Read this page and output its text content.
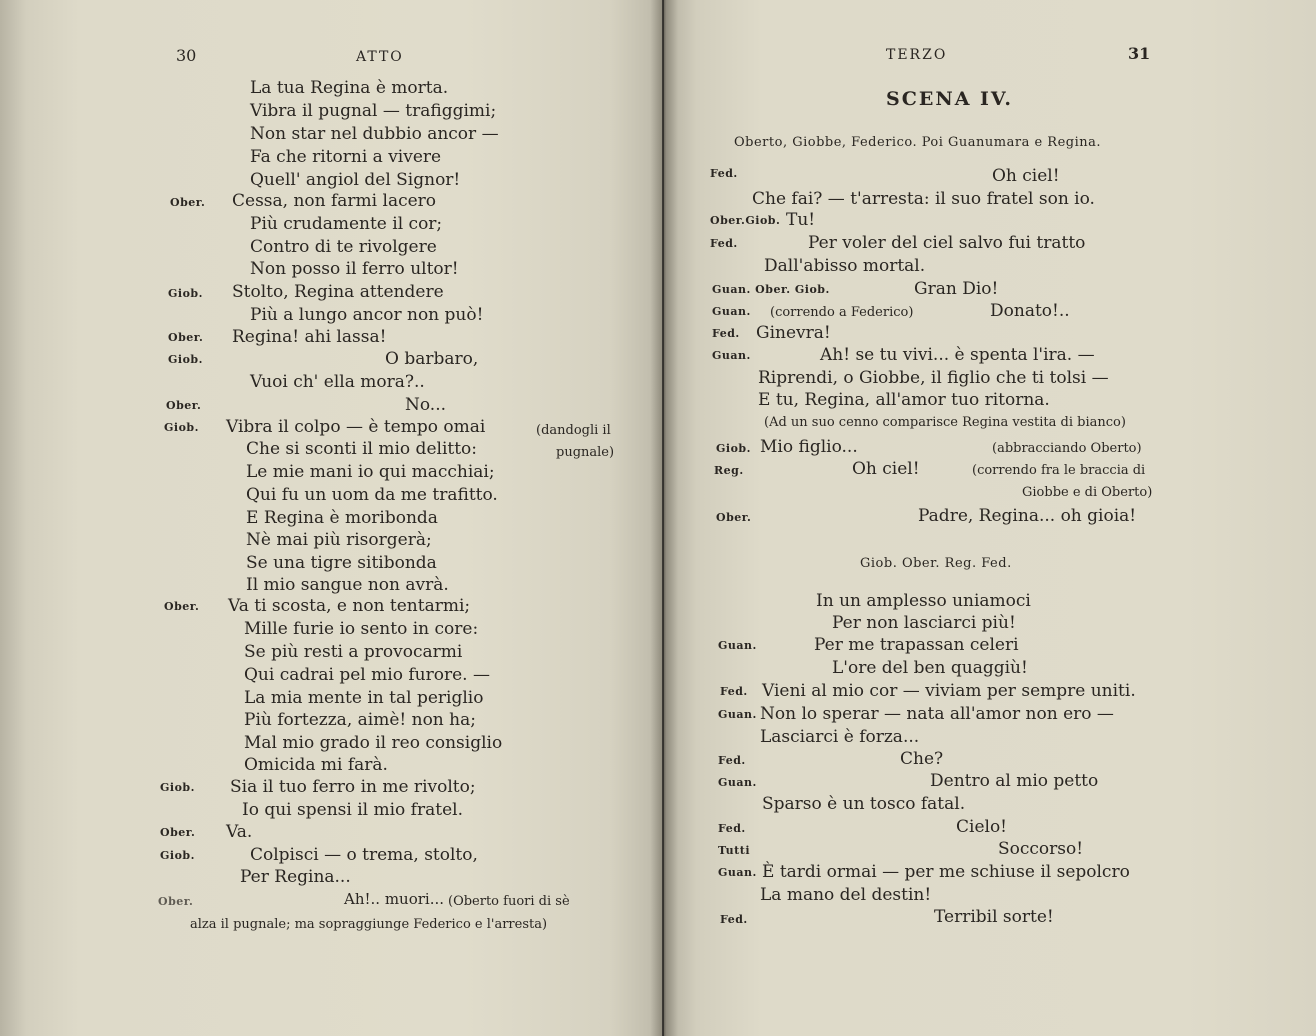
30	ATTO
La tua Regina è morta.
Vibra il pugnal — trafiggimi;
Non star nel dubbio ancor —
Fa che ritorni a vivere
Quell' angiol del Signor!
Ober. Cessa, non farmi lacero
Più crudamente il cor;
Contro di te rivolgere
Non posso il ferro ultor!
Giob. Stolto, Regina attendere
Più a lungo ancor non può!
Ober. Regina! ahi lassa!
Giob.	O barbaro,
Vuoi ch' ella mora?..
Ober.	No...
Giob. Vibra il colpo — è tempo omai	(dandogli il
Che si sconti il mio delitto:	pugnale)
Le mie mani io qui macchiai;
Qui fu un uom da me trafitto.
E Regina è moribonda
Nè mai più risorgerà;
Se una tigre sitibonda
Il mio sangue non avrà.
Ober. Va ti scosta, e non tentarmi;
Mille furie io sento in core:
Se più resti a provocarmi
Qui cadrai pel mio furore. —
La mia mente in tal periglio
Più fortezza, aimè! non ha;
Mal mio grado il reo consiglio
Omicida mi farà.
Giob. Sia il tuo ferro in me rivolto;
Io qui spensi il mio fratel.
Ober. Va.
Giob.	Colpisci — o trema, stolto,
Per Regina...
Ober.	Ah!.. muori... (Oberto fuori di sè
alza il pugnale; ma sopraggiunge Federico e l'arresta)
TERZO	31
SCENA IV.
Oberto, Giobbe, Federico. Poi Guanumara e Regina.
Fed.	Oh ciel!
Che fai? — t'arresta: il suo fratel son io.
Ober.Giob. Tu!
Fed.	Per voler del ciel salvo fui tratto
Dall'abisso mortal.
Guan. Ober. Giob.	Gran Dio!
Guan. (correndo a Federico)	Donato!..
Fed. Ginevra!
Guan.	Ah! se tu vivi... è spenta l'ira. —
Riprendi, o Giobbe, il figlio che ti tolsi —
E tu, Regina, all'amor tuo ritorna.
(Ad un suo cenno comparisce Regina vestita di bianco)
Giob. Mio figlio...	(abbracciando Oberto)
Reg.	Oh ciel!	(correndo fra le braccia di
Giobbe e di Oberto)
Ober.	Padre, Regina... oh gioia!
Giob. Ober. Reg. Fed.
In un amplesso uniamoci
Per non lasciarci più!
Guan.	Per me trapassan celeri
L'ore del ben quaggiù!
Fed. Vieni al mio cor — viviam per sempre uniti.
Guan. Non lo sperar — nata all'amor non ero —
Lasciarci è forza...
Fed.	Che?
Guan.	Dentro al mio petto
Sparso è un tosco fatal.
Fed.	Cielo!
Tutti	Soccorso!
Guan. È tardi ormai — per me schiuse il sepolcro
La mano del destin!
Fed.	Terribil sorte!
